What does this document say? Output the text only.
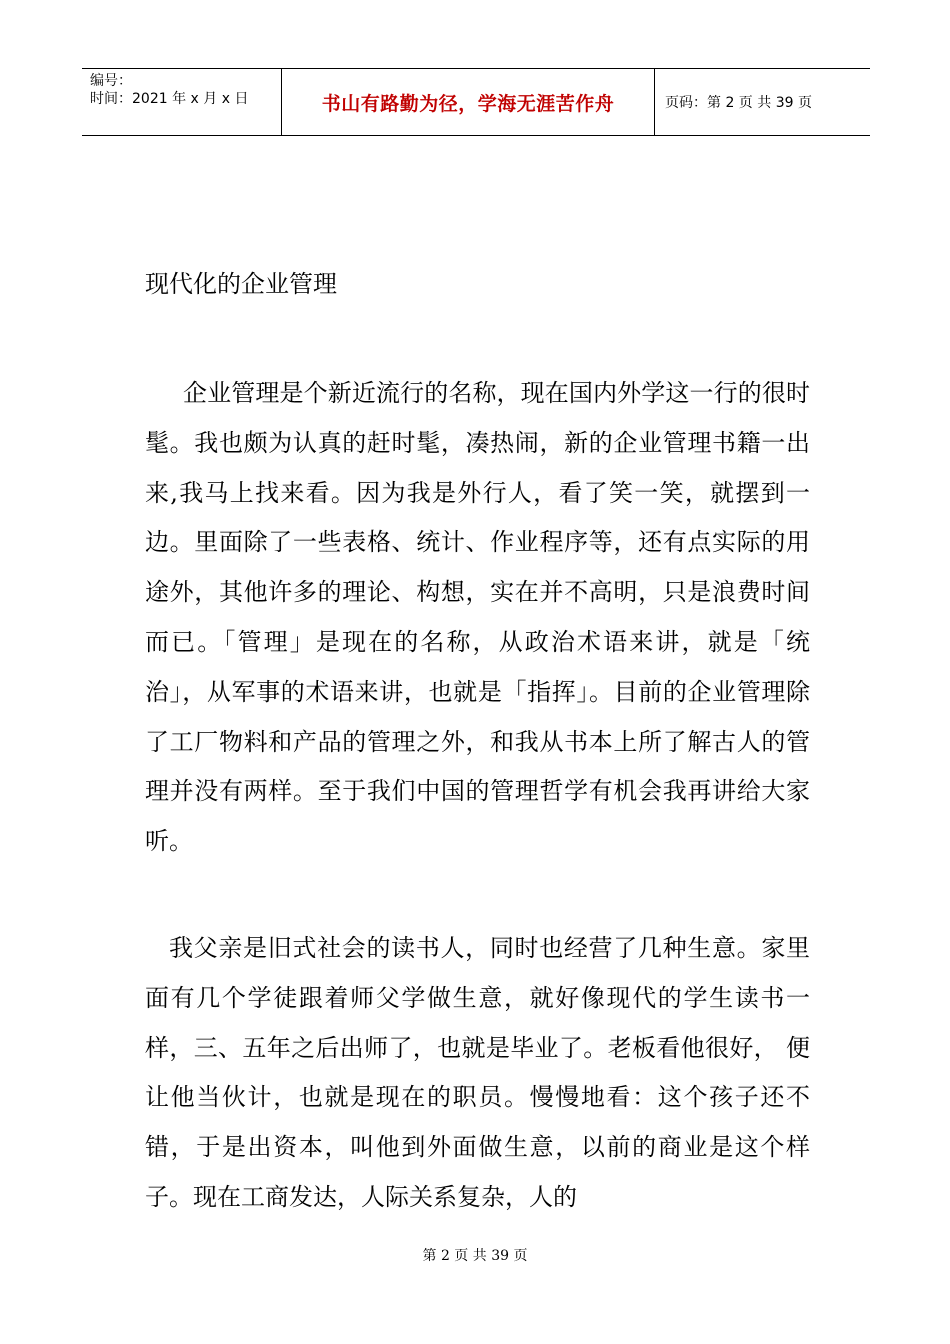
编号：
时间：2021 年 x 月 x 日	书山有路勤为径，学海无涯苦作舟	页码：第 2 页 共 39 页
现代化的企业管理

企业管理是个新近流行的名称，现在国内外学这一行的很时髦。我也颇为认真的赶时髦，凑热闹，新的企业管理书籍一出来,我马上找来看。因为我是外行人，看了笑一笑，就摆到一边。里面除了一些表格、统计、作业程序等，还有点实际的用途外，其他许多的理论、构想，实在并不高明，只是浪费时间而已。「管理」是现在的名称，从政治术语来讲，就是「统治」，从军事的术语来讲，也就是「指挥」。目前的企业管理除了工厂物料和产品的管理之外，和我从书本上所了解古人的管理并没有两样。至于我们中国的管理哲学有机会我再讲给大家听。

我父亲是旧式社会的读书人，同时也经营了几种生意。家里面有几个学徒跟着师父学做生意，就好像现代的学生读书一样，三、五年之后出师了，也就是毕业了。老板看他很好， 便让他当伙计，也就是现在的职员。慢慢地看：这个孩子还不错，于是出资本，叫他到外面做生意，以前的商业是这个样子。现在工商发达，人际关系复杂，人的

第 2 页 共 39 页
